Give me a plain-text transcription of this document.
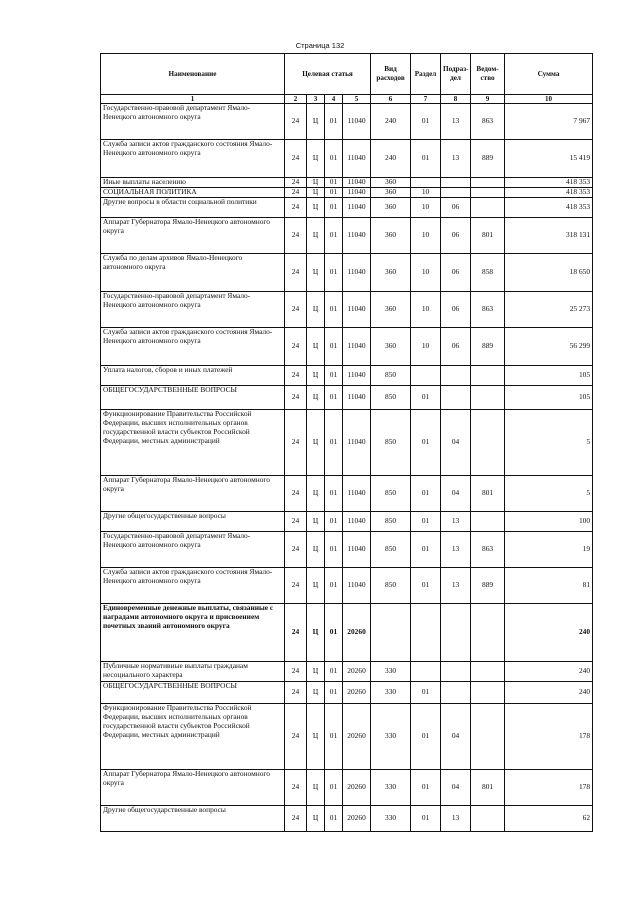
Страница 132
Наименование	Целевая статья				Вид расходов	Раздел	Подраз-дел	Ведом-ство	Сумма
1	2	3	4	5	6	7	8	9	10
Государственно-правовой департамент Ямало-Ненецкого автономного округа	24	Ц	01	11040	240	01	13	863	7 967
Служба записи актов гражданского состояния Ямало-Ненецкого автономного округа	24	Ц	01	11040	240	01	13	889	15 419
Иные выплаты населению	24	Ц	01	11040	360				418 353
СОЦИАЛЬНАЯ ПОЛИТИКА	24	Ц	01	11040	360	10			418 353
Другие вопросы в области социальной политики	24	Ц	01	11040	360	10	06		418 353
Аппарат Губернатора Ямало-Ненецкого автономного округа	24	Ц	01	11040	360	10	06	801	318 131
Служба по делам архивов Ямало-Ненецкого автономного округа	24	Ц	01	11040	360	10	06	858	18 650
Государственно-правовой департамент Ямало-Ненецкого автономного округа	24	Ц	01	11040	360	10	06	863	25 273
Служба записи актов гражданского состояния Ямало-Ненецкого автономного округа	24	Ц	01	11040	360	10	06	889	56 299
Уплата налогов, сборов и иных платежей	24	Ц	01	11040	850				105
ОБЩЕГОСУДАРСТВЕННЫЕ ВОПРОСЫ	24	Ц	01	11040	850	01			105
Функционирование Правительства Российской Федерации, высших исполнительных органов государственной власти субъектов Российской Федерации, местных администраций	24	Ц	01	11040	850	01	04		5
Аппарат Губернатора Ямало-Ненецкого автономного округа	24	Ц	01	11040	850	01	04	801	5
Другие общегосударственные вопросы	24	Ц	01	11040	850	01	13		100
Государственно-правовой департамент Ямало-Ненецкого автономного округа	24	Ц	01	11040	850	01	13	863	19
Служба записи актов гражданского состояния Ямало-Ненецкого автономного округа	24	Ц	01	11040	850	01	13	889	81
Единовременные денежные выплаты, связанные с наградами автономного округа и присвоением почетных званий автономного округа	24	Ц	01	20260					240
Публичные нормативные выплаты гражданам несоциального характера	24	Ц	01	20260	330				240
ОБЩЕГОСУДАРСТВЕННЫЕ ВОПРОСЫ	24	Ц	01	20260	330	01			240
Функционирование Правительства Российской Федерации, высших исполнительных органов государственной власти субъектов Российской Федерации, местных администраций	24	Ц	01	20260	330	01	04		178
Аппарат Губернатора Ямало-Ненецкого автономного округа	24	Ц	01	20260	330	01	04	801	178
Другие общегосударственные вопросы	24	Ц	01	20260	330	01	13		62
